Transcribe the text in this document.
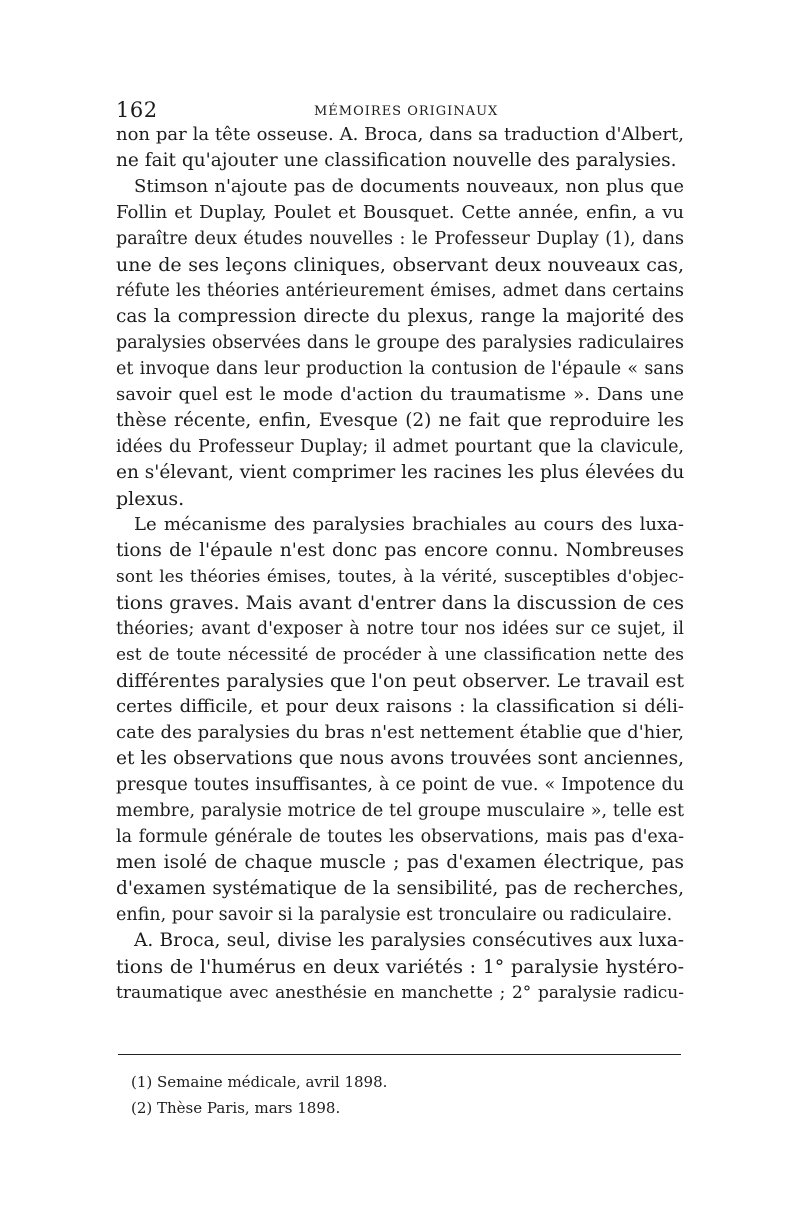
162	MÉMOIRES ORIGINAUX
non par la tête osseuse. A. Broca, dans sa traduction d'Albert,
ne fait qu'ajouter une classification nouvelle des paralysies.
Stimson n'ajoute pas de documents nouveaux, non plus que
Follin et Duplay, Poulet et Bousquet. Cette année, enfin, a vu
paraître deux études nouvelles : le Professeur Duplay (1), dans
une de ses leçons cliniques, observant deux nouveaux cas,
réfute les théories antérieurement émises, admet dans certains
cas la compression directe du plexus, range la majorité des
paralysies observées dans le groupe des paralysies radiculaires
et invoque dans leur production la contusion de l'épaule « sans
savoir quel est le mode d'action du traumatisme ». Dans une
thèse récente, enfin, Evesque (2) ne fait que reproduire les
idées du Professeur Duplay; il admet pourtant que la clavicule,
en s'élevant, vient comprimer les racines les plus élevées du
plexus.
Le mécanisme des paralysies brachiales au cours des luxa-
tions de l'épaule n'est donc pas encore connu. Nombreuses
sont les théories émises, toutes, à la vérité, susceptibles d'objec-
tions graves. Mais avant d'entrer dans la discussion de ces
théories; avant d'exposer à notre tour nos idées sur ce sujet, il
est de toute nécessité de procéder à une classification nette des
différentes paralysies que l'on peut observer. Le travail est
certes difficile, et pour deux raisons : la classification si déli-
cate des paralysies du bras n'est nettement établie que d'hier,
et les observations que nous avons trouvées sont anciennes,
presque toutes insuffisantes, à ce point de vue. « Impotence du
membre, paralysie motrice de tel groupe musculaire », telle est
la formule générale de toutes les observations, mais pas d'exa-
men isolé de chaque muscle ; pas d'examen électrique, pas
d'examen systématique de la sensibilité, pas de recherches,
enfin, pour savoir si la paralysie est tronculaire ou radiculaire.
A. Broca, seul, divise les paralysies consécutives aux luxa-
tions de l'humérus en deux variétés : 1° paralysie hystéro-
traumatique avec anesthésie en manchette ; 2° paralysie radicu-
(1) Semaine médicale, avril 1898.
(2) Thèse Paris, mars 1898.
